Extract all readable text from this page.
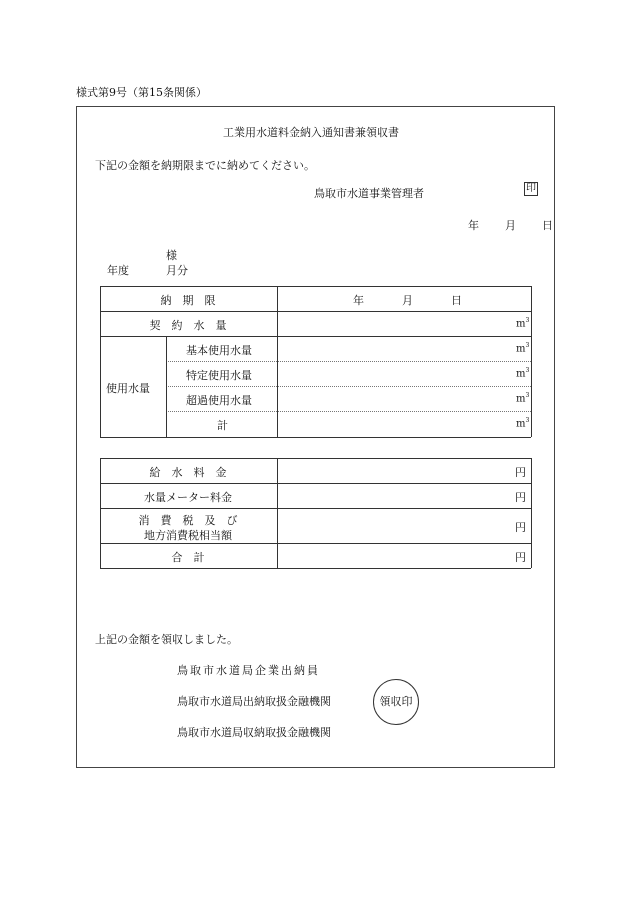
様式第9号（第15条関係）
工業用水道料金納入通知書兼領収書
下記の金額を納期限までに納めてください。
鳥取市水道事業管理者	印
年 月 日
様
年度	月分
納　期　限	年	月	日
契　約　水　量	$m^3$
使用水量
基本使用水量	$m^3$
特定使用水量	$m^3$
超過使用水量	$m^3$
計	$m^3$
給　水　料　金	円
水量メーター料金	円
消　費　税　及　び
地方消費税相当額
円
合　計	円
上記の金額を領収しました。
鳥取市水道局企業出納員
鳥取市水道局出納取扱金融機関
鳥取市水道局収納取扱金融機関
領収印
